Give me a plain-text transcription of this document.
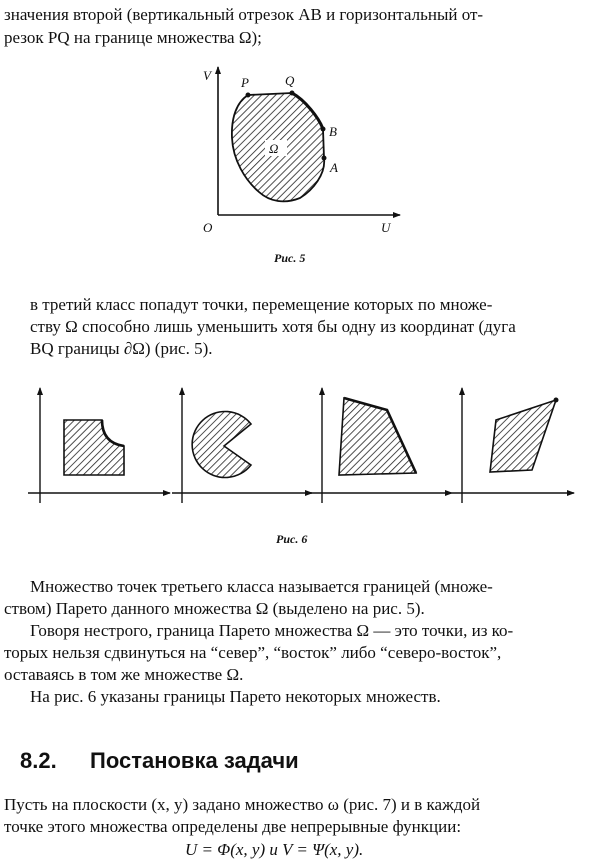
значения второй (вертикальный отрезок AB и горизонтальный от-
резок PQ на границе множества Ω);
Ω
V
U
O
P	Q
B
A
Рис. 5
в третий класс попадут точки, перемещение которых по множе-
ству Ω способно лишь уменьшить хотя бы одну из координат (дуга
BQ границы ∂Ω) (рис. 5).
Рис. 6
Множество точек третьего класса называется границей (множе-
ством) Парето данного множества Ω (выделено на рис. 5).
Говоря нестрого, граница Парето множества Ω — это точки, из ко-
торых нельзя сдвинуться на “север”, “восток” либо “северо-восток”,
оставаясь в том же множестве Ω.
На рис. 6 указаны границы Парето некоторых множеств.
8.2. Постановка задачи
Пусть на плоскости (x, y) задано множество ω (рис. 7) и в каждой
точке этого множества определены две непрерывные функции:
U = Φ(x, y) и V = Ψ(x, y).
